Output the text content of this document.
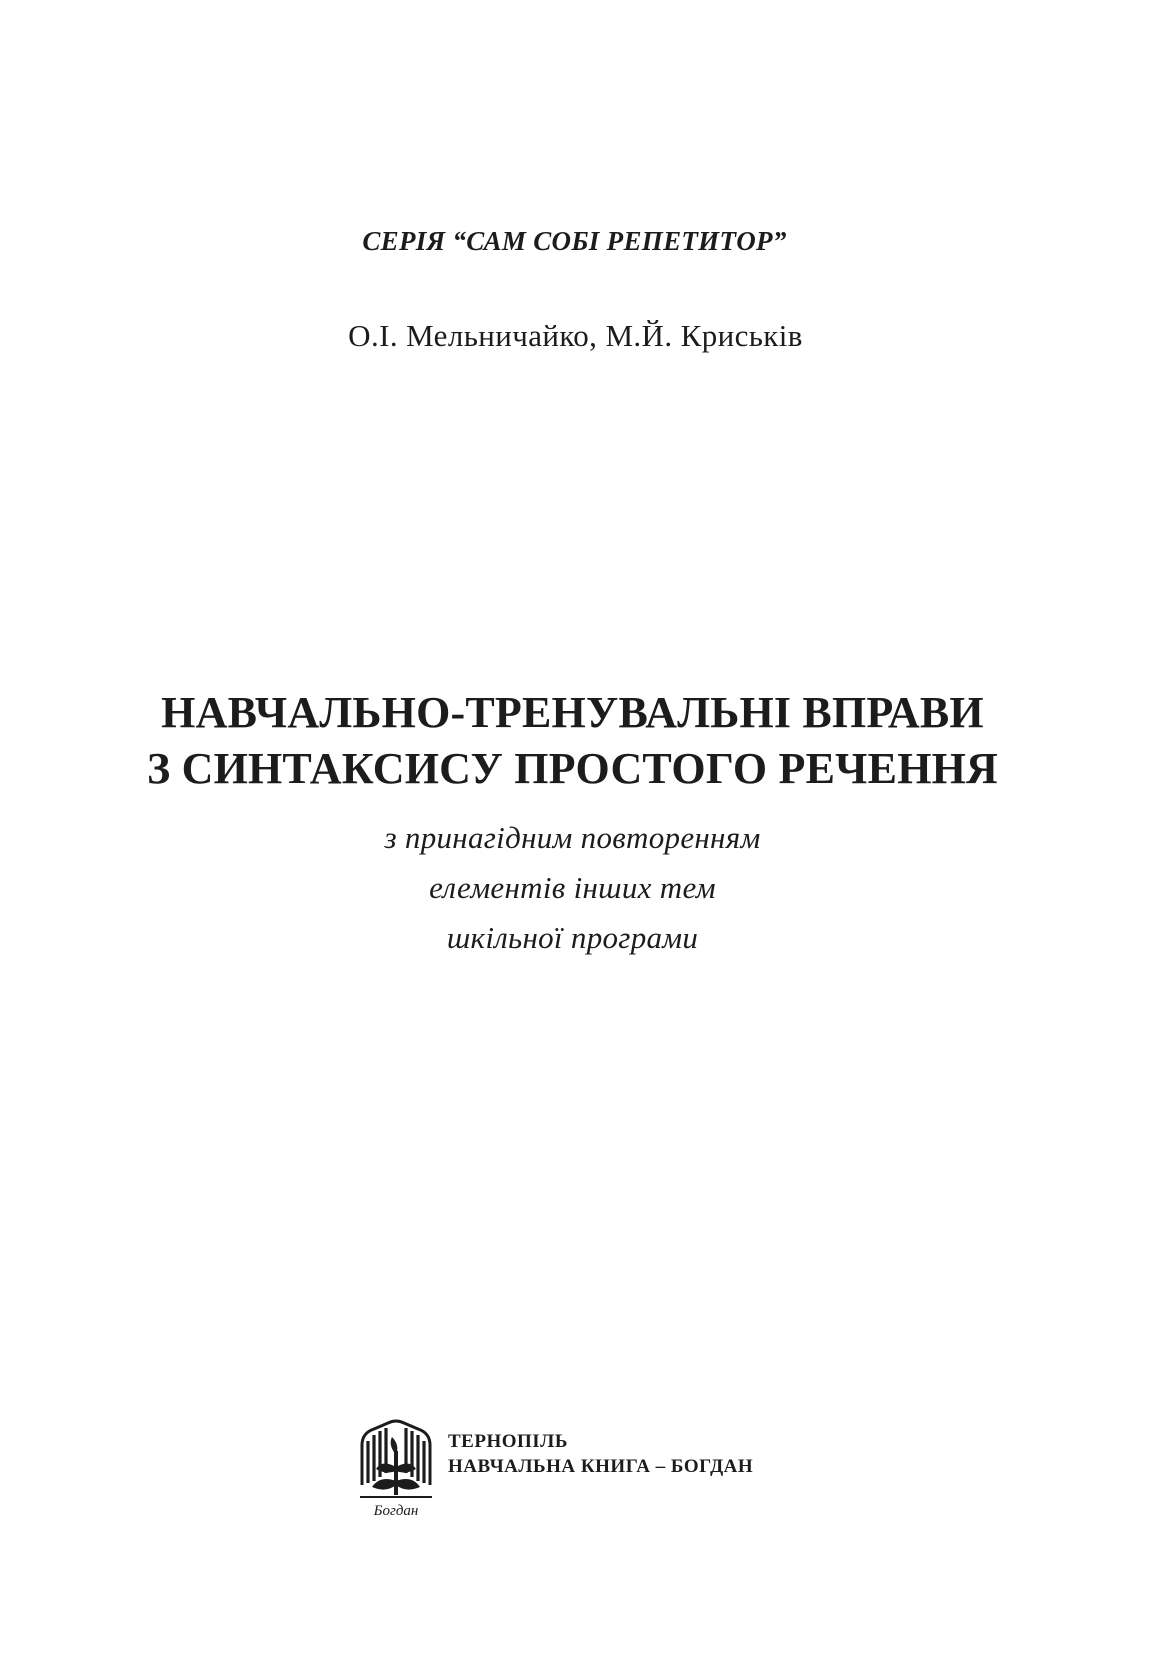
СЕРІЯ “САМ СОБІ РЕПЕТИТОР”
О.І. Мельничайко, М.Й. Криськів
НАВЧАЛЬНО-ТРЕНУВАЛЬНІ ВПРАВИ
З СИНТАКСИСУ ПРОСТОГО РЕЧЕННЯ
з принагідним повторенням
елементів інших тем
шкільної програми
Богдан
ТЕРНОПІЛЬ
НАВЧАЛЬНА КНИГА – БОГДАН
